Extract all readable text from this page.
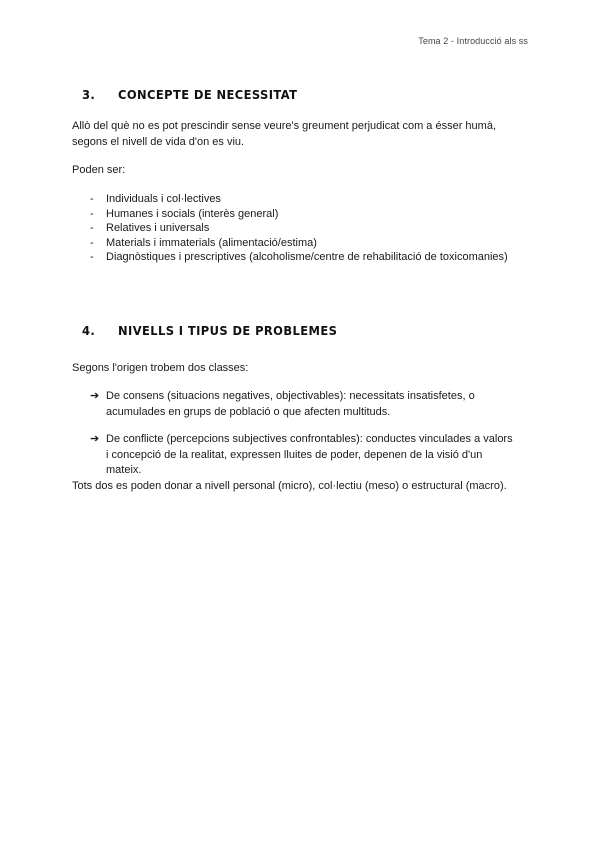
Tema 2 - Introducció als ss
3.	CONCEPTE DE NECESSITAT

Allò del què no es pot prescindir sense veure's greument perjudicat com a ésser humà, segons el nivell de vida d'on es viu.

Poden ser:

-	Individuals i col·lectives
-	Humanes i socials (interès general)
-	Relatives i universals
-	Materials i immaterials (alimentació/estima)
-	Diagnòstiques i prescriptives (alcoholisme/centre de rehabilitació de toxicomanies)
4.	NIVELLS I TIPUS DE PROBLEMES

Segons l'origen trobem dos classes:

➔ De consens (situacions negatives, objectivables): necessitats insatisfetes, o acumulades en grups de població o que afecten multituds.
➔ De conflicte (percepcions subjectives confrontables): conductes vinculades a valors i concepció de la realitat, expressen lluites de poder, depenen de la visió d'un mateix.

Tots dos es poden donar a nivell personal (micro), col·lectiu (meso) o estructural (macro).
